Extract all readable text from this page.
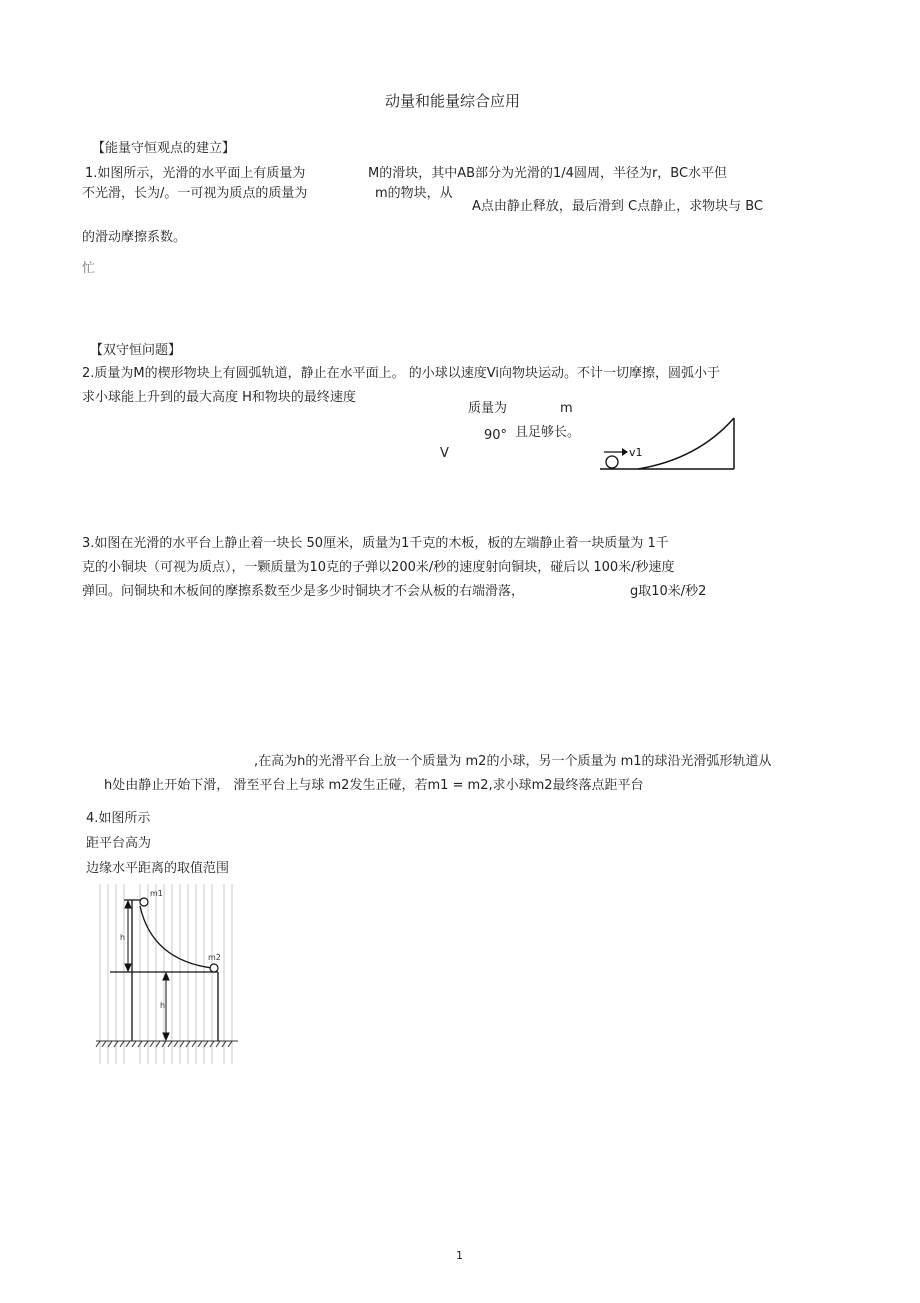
动量和能量综合应用
【能量守恒观点的建立】
1.如图所示，光滑的水平面上有质量为	M的滑块，其中AB部分为光滑的1/4圆周，半径为r，BC水平但
不光滑，长为/。一可视为质点的质量为	m的物块，从
A点由静止释放，最后滑到 C点静止，求物块与 BC
的滑动摩擦系数。
忙
【双守恒问题】
2.质量为M的楔形物块上有圆弧轨道，静止在水平面上。 的小球以速度Vi向物块运动。不计一切摩擦，圆弧小于
求小球能上升到的最大高度 H和物块的最终速度
质量为	m
90° 且足够长。
V	v1
3.如图在光滑的水平台上静止着一块长 50厘米，质量为1千克的木板，板的左端静止着一块质量为 1千
克的小铜块（可视为质点），一颗质量为10克的子弹以200米/秒的速度射向铜块，碰后以 100米/秒速度
弹回。问铜块和木板间的摩擦系数至少是多少时铜块才不会从板的右端滑落，	g取10米/秒2
,在高为h的光滑平台上放一个质量为 m2的小球，另一个质量为 m1的球沿光滑弧形轨道从
h处由静止开始下滑， 滑至平台上与球 m2发生正碰，若m1 = m2,求小球m2最终落点距平台
4.如图所示
距平台高为
边缘水平距离的取值范围
m1
m2
h
h
1
